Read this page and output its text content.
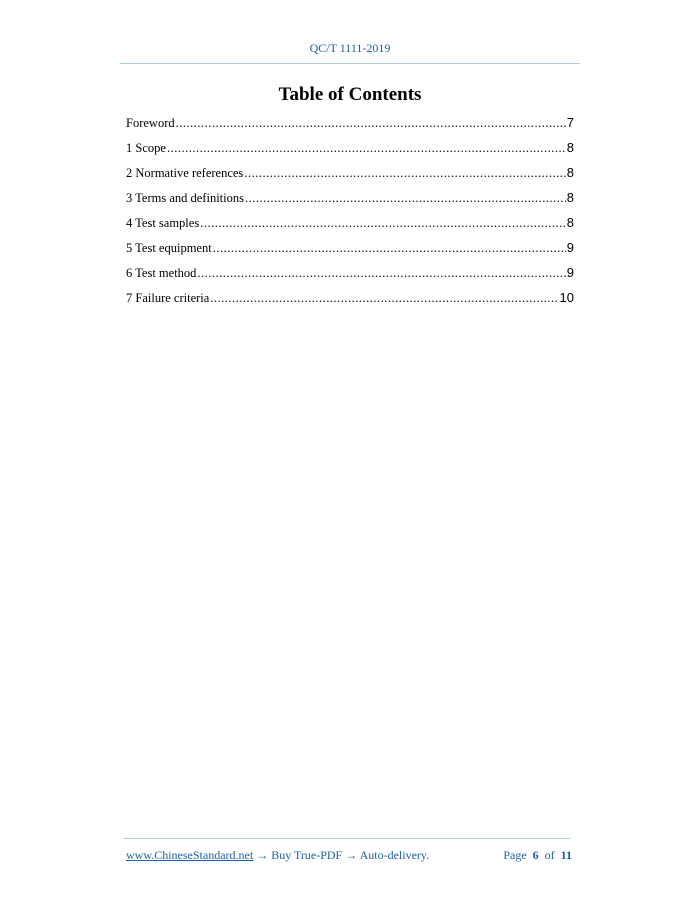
QC/T 1111-2019
Table of Contents
Foreword .....	7
1 Scope .....	8
2 Normative references .....	8
3 Terms and definitions .....	8
4 Test samples .....	8
5 Test equipment .....	9
6 Test method .....	9
7 Failure criteria .....	10
www.ChineseStandard.net → Buy True-PDF → Auto-delivery.	Page 6 of 11
